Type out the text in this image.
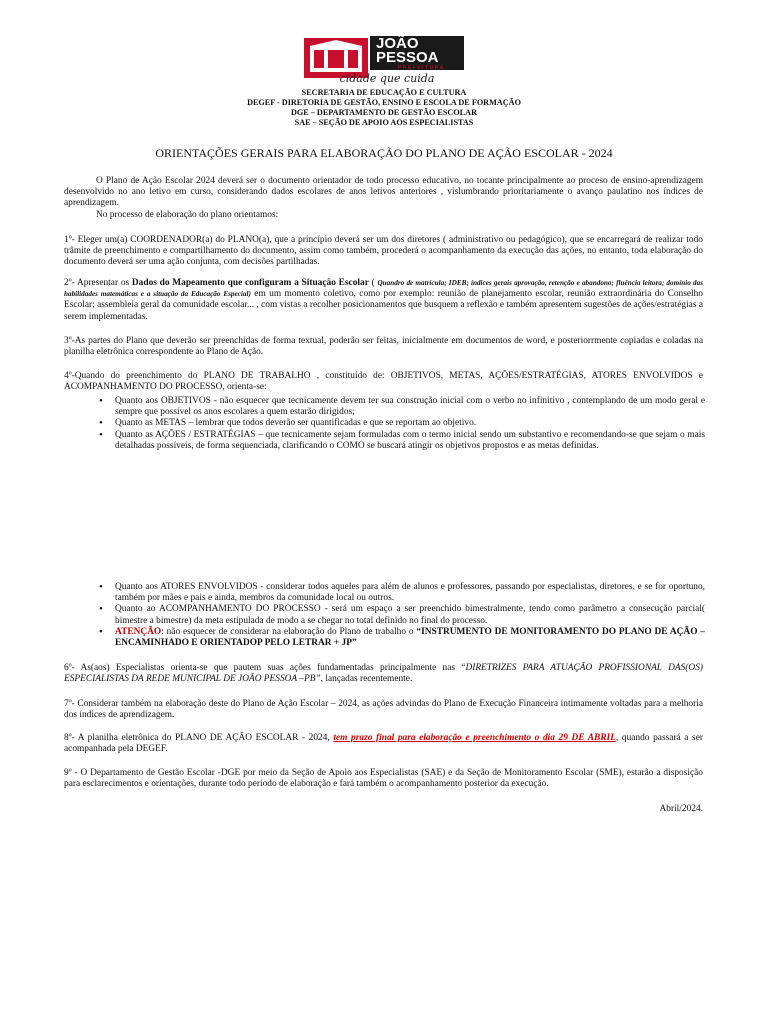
JOÃO
PESSOA
PREFEITURA
cidade que cuida
SECRETARIA DE EDUCAÇÃO E CULTURA
DEGEF - DIRETORIA DE GESTÃO, ENSINO E ESCOLA DE FORMAÇÃO
DGE – DEPARTAMENTO DE GESTÃO ESCOLAR
SAE – SEÇÃO DE APOIO AOS ESPECIALISTAS
ORIENTAÇÕES GERAIS PARA ELABORAÇÃO DO PLANO DE AÇÃO ESCOLAR - 2024

O Plano de Ação Escolar 2024 deverá ser o documento orientador de todo processo educativo, no tocante principalmente ao proceso de ensino-aprendizagem desenvolvido no ano letivo em curso, considerando dados escolares de anos letivos anteriores , vislumbrando prioritariamente o avanço paulatino nos índices de aprendizagem.

No processo de elaboração do plano orientamos:

1º- Eleger um(a) COORDENADOR(a) do PLANO(a), que a princípio deverá ser um dos diretores ( administrativo ou pedagógico), que se encarregará de realizar todo trâmite de preenchimento e compartilhamento do documento, assim como também, procederá o acompanhamento da execução das ações, no entanto, toda elaboração do documento deverá ser uma ação conjunta, com decisões partilhadas.

2º- Apresentar os Dados do Mapeamento que configuram a Situação Escolar ( Quandro de matrícula; IDEB; índices gerais aprovação, retenção e abandono; fluência leitora; domínio das habilidades matemáticas e a situação da Educação Especial) em um momento coletivo, como por exemplo: reunião de planejamento escolar, reunião extraordinária do Conselho Escolar; assembleia geral da comunidade escolar... , com vistas a recolher posicionamentos que busquem a reflexão e também apresentem sugestões de ações/estratégias a serem implementadas.

3º-As partes do Plano que deverão ser preenchidas de forma textual, poderão ser feitas, inicialmente em documentos de word, e posteriorrmente copiadas e coladas na planilha eletrônica correspondente ao Plano de Ação.

4º-Quando do preenchimento do PLANO DE TRABALHO , constituído de: OBJETIVOS, METAS, AÇÕES/ESTRATÉGIAS, ATORES ENVOLVIDOS e ACOMPANHAMENTO DO PROCESSO, orienta-se:

• Quanto aos OBJETIVOS - não esquecer que tecnicamente devem ter sua construção inicial com o verbo no infinitivo , contemplando de um modo geral e sempre que possível os anos escolares a quem estarão dirigidos;
• Quanto as METAS – lembrar que todos deverão ser quantificadas e que se reportam ao objetivo.
• Quanto as AÇÕES / ESTRATÉGIAS – que tecnicamente sejam formuladas com o termo inicial sendo um substantivo e recomendando-se que sejam o mais detalhadas possíveis, de forma sequenciada, clarificando o COMO se buscará atingir os objetivos propostos e as metas definidas.
• Quanto aos ATORES ENVOLVIDOS - considerar todos aqueles para além de alunos e professores, passando por especialistas, diretores, e se for oportuno, também por mães e pais e ainda, membros da comunidade local ou outros.
• Quanto ao ACOMPANHAMENTO DO PROCESSO - será um espaço a ser preenchido bimestralmente, tendo como parâmetro a consecução parcial( bimestre a bimestre) da meta estipulada de modo a se chegar no total definido no final do processo.
• ATENÇÃO: não esquecer de considerar na elaboração do Plano de trabalho o “INSTRUMENTO DE MONITORAMENTO DO PLANO DE AÇÃO – ENCAMINHADO E ORIENTADOP PELO LETRAR + JP”

6º- As(aos) Especialistas orienta-se que pautem suas ações fundamentadas principalmente nas “DIRETRIZES PARA ATUAÇÃO PROFISSIONAL DAS(OS) ESPECIALISTAS DA REDE MUNICIPAL DE JOÃO PESSOA –PB”, lançadas recentemente.

7º- Considerar também na elaboração deste do Plano de Ação Escolar – 2024, as ações advindas do Plano de Execução Financeira intimamente voltadas para a melhoria dos índices de aprendizagem.

8º- A planilha eletrônica do PLANO DE AÇÃO ESCOLAR - 2024, tem prazo final para elaboração e preenchimento o dia 29 DE ABRIL, quando passará a ser acompanhada pela DEGEF.

9º - O Departamento de Gestão Escolar -DGE por meio da Seção de Apoio aos Especialistas (SAE) e da Seção de Monitoramento Escolar (SME), estarão a disposição para esclarecimentos e orientações, durante todo período de elaboração e fará também o acompanhamento posterior da execução.

Abril/2024.
